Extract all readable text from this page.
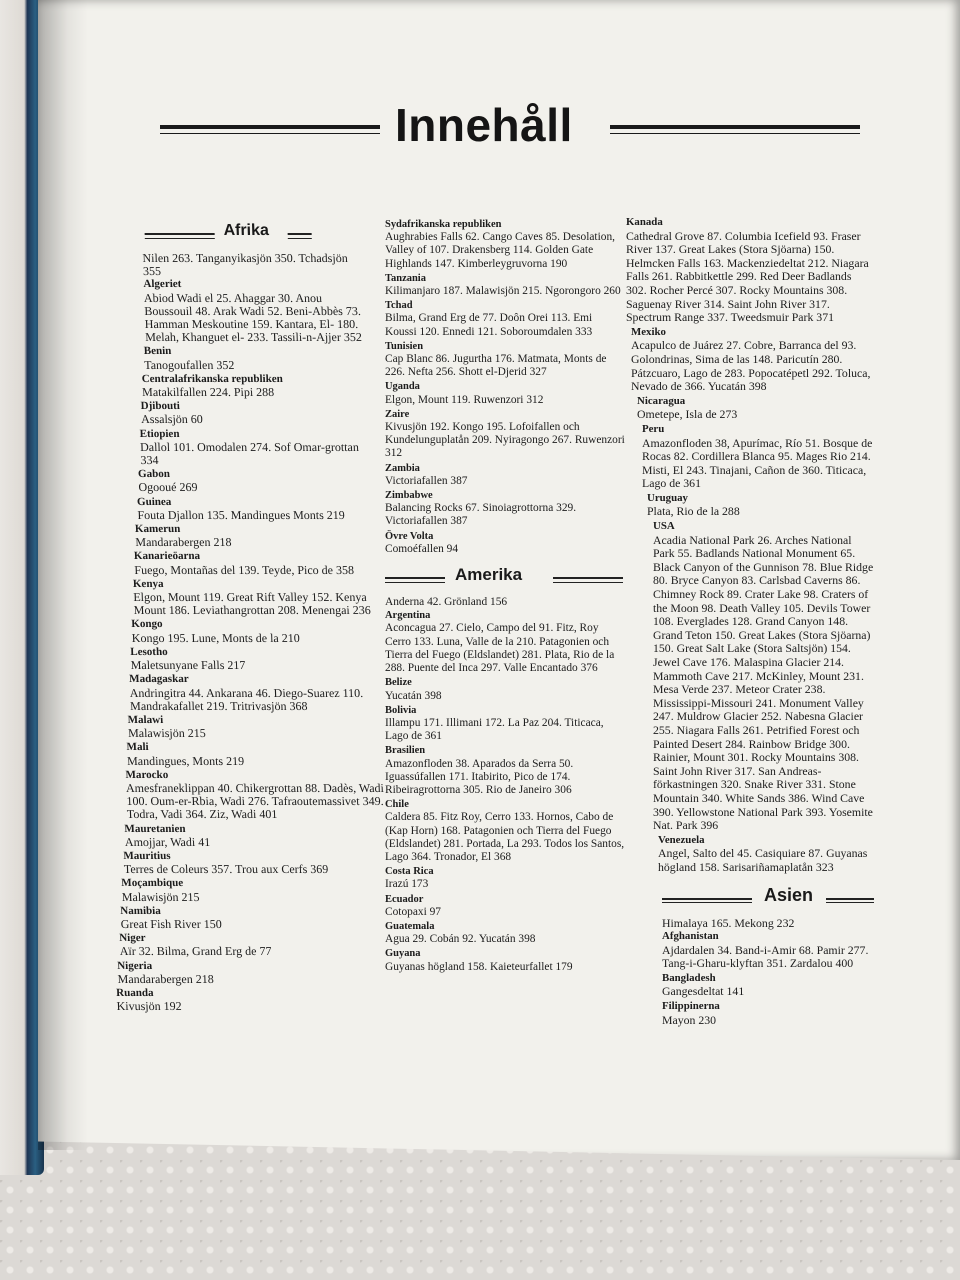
Innehåll
Afrika
Nilen 263. Tanganyikasjön 350. Tchadsjön 355
Algeriet
Abiod Wadi el 25. Ahaggar 30. Anou Boussouil 48. Arak Wadi 52. Beni-Abbès 73. Hamman Meskoutine 159. Kantara, El- 180. Melah, Khanguet el- 233. Tassili-n-Ajjer 352
Benin
Tanogoufallen 352
Centralafrikanska republiken
Matakilfallen 224. Pipi 288
Djibouti
Assalsjön 60
Etiopien
Dallol 101. Omodalen 274. Sof Omar-grottan 334
Gabon
Ogooué 269
Guinea
Fouta Djallon 135. Mandingues Monts 219
Kamerun
Mandarabergen 218
Kanarieöarna
Fuego, Montañas del 139. Teyde, Pico de 358
Kenya
Elgon, Mount 119. Great Rift Valley 152. Kenya Mount 186. Leviathangrottan 208. Menengai 236
Kongo
Kongo 195. Lune, Monts de la 210
Lesotho
Maletsunyane Falls 217
Madagaskar
Andringitra 44. Ankarana 46. Diego-Suarez 110. Mandrakafallet 219. Tritrivasjön 368
Malawi
Malawisjön 215
Mali
Mandingues, Monts 219
Marocko
Amesfraneklippan 40. Chikergrottan 88. Dadès, Wadi 100. Oum-er-Rbia, Wadi 276. Tafraoutemassivet 349. Todra, Vadi 364. Ziz, Wadi 401
Mauretanien
Amojjar, Wadi 41
Mauritius
Terres de Coleurs 357. Trou aux Cerfs 369
Moçambique
Malawisjön 215
Namibia
Great Fish River 150
Niger
Aïr 32. Bilma, Grand Erg de 77
Nigeria
Mandarabergen 218
Ruanda
Kivusjön 192
Sydafrikanska republiken
Aughrabies Falls 62. Cango Caves 85. Desolation, Valley of 107. Drakensberg 114. Golden Gate Highlands 147. Kimberleygruvorna 190
Tanzania
Kilimanjaro 187. Malawisjön 215. Ngorongoro 260
Tchad
Bilma, Grand Erg de 77. Doôn Orei 113. Emi Koussi 120. Ennedi 121. Soboroumdalen 333
Tunisien
Cap Blanc 86. Jugurtha 176. Matmata, Monts de 226. Nefta 256. Shott el-Djerid 327
Uganda
Elgon, Mount 119. Ruwenzori 312
Zaire
Kivusjön 192. Kongo 195. Lofoifallen och Kundelunguplatån 209. Nyiragongo 267. Ruwenzori 312
Zambia
Victoriafallen 387
Zimbabwe
Balancing Rocks 67. Sinoiagrottorna 329. Victoriafallen 387
Övre Volta
Comoéfallen 94
Amerika
Anderna 42. Grönland 156
Argentina
Aconcagua 27. Cielo, Campo del 91. Fitz, Roy Cerro 133. Luna, Valle de la 210. Patagonien och Tierra del Fuego (Eldslandet) 281. Plata, Rio de la 288. Puente del Inca 297. Valle Encantado 376
Belize
Yucatán 398
Bolivia
Illampu 171. Illimani 172. La Paz 204. Titicaca, Lago de 361
Brasilien
Amazonfloden 38. Aparados da Serra 50. Iguassúfallen 171. Itabirito, Pico de 174. Ribeiragrottorna 305. Rio de Janeiro 306
Chile
Caldera 85. Fitz Roy, Cerro 133. Hornos, Cabo de (Kap Horn) 168. Patagonien och Tierra del Fuego (Eldslandet) 281. Portada, La 293. Todos los Santos, Lago 364. Tronador, El 368
Costa Rica
Irazú 173
Ecuador
Cotopaxi 97
Guatemala
Agua 29. Cobán 92. Yucatán 398
Guyana
Guyanas högland 158. Kaieteurfallet 179
Kanada
Cathedral Grove 87. Columbia Icefield 93. Fraser River 137. Great Lakes (Stora Sjöarna) 150. Helmcken Falls 163. Mackenziedeltat 212. Niagara Falls 261. Rabbitkettle 299. Red Deer Badlands 302. Rocher Percé 307. Rocky Mountains 308. Saguenay River 314. Saint John River 317. Spectrum Range 337. Tweedsmuir Park 371
Mexiko
Acapulco de Juárez 27. Cobre, Barranca del 93. Golondrinas, Sima de las 148. Paricutín 280. Pátzcuaro, Lago de 283. Popocatépetl 292. Toluca, Nevado de 366. Yucatán 398
Nicaragua
Ometepe, Isla de 273
Peru
Amazonfloden 38, Apurímac, Río 51. Bosque de Rocas 82. Cordillera Blanca 95. Mages Rio 214. Misti, El 243. Tinajani, Cañon de 360. Titicaca, Lago de 361
Uruguay
Plata, Rio de la 288
USA
Acadia National Park 26. Arches National Park 55. Badlands National Monument 65. Black Canyon of the Gunnison 78. Blue Ridge 80. Bryce Canyon 83. Carlsbad Caverns 86. Chimney Rock 89. Crater Lake 98. Craters of the Moon 98. Death Valley 105. Devils Tower 108. Everglades 128. Grand Canyon 148. Grand Teton 150. Great Lakes (Stora Sjöarna) 150. Great Salt Lake (Stora Saltsjön) 154. Jewel Cave 176. Malaspina Glacier 214. Mammoth Cave 217. McKinley, Mount 231. Mesa Verde 237. Meteor Crater 238. Mississippi-Missouri 241. Monument Valley 247. Muldrow Glacier 252. Nabesna Glacier 255. Niagara Falls 261. Petrified Forest och Painted Desert 284. Rainbow Bridge 300. Rainier, Mount 301. Rocky Mountains 308. Saint John River 317. San Andreas-förkastningen 320. Snake River 331. Stone Mountain 340. White Sands 386. Wind Cave 390. Yellowstone National Park 393. Yosemite Nat. Park 396
Venezuela
Angel, Salto del 45. Casiquiare 87. Guyanas högland 158. Sarisariñamaplatån 323
Asien
Himalaya 165. Mekong 232
Afghanistan
Ajdardalen 34. Band-i-Amir 68. Pamir 277. Tang-i-Gharu-klyftan 351. Zardalou 400
Bangladesh
Gangesdeltat 141
Filippinerna
Mayon 230
